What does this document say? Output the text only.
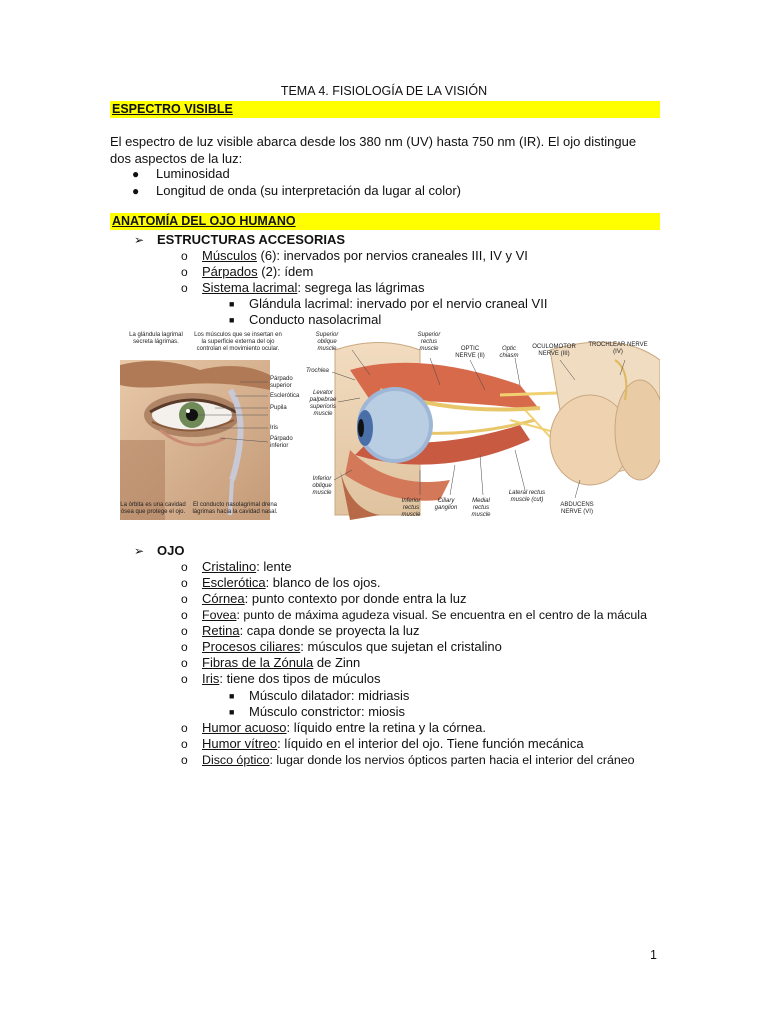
TEMA 4. FISIOLOGÍA DE LA VISIÓN
ESPECTRO VISIBLE
El espectro de luz visible abarca desde los 380 nm (UV) hasta 750 nm (IR). El ojo distingue dos aspectos de la luz:
● Luminosidad
● Longitud de onda (su interpretación da lugar al color)
ANATOMÍA DEL OJO HUMANO
➢ ESTRUCTURAS ACCESORIAS
o Músculos (6): inervados por nervios craneales III, IV y VI
o Párpados (2): ídem
o Sistema lacrimal: segrega las lágrimas
■ Glándula lacrimal: inervado por el nervio craneal VII
■ Conducto nasolacrimal
La glándula lagrimal secreta lágrimas.
Los músculos que se insertan en la superficie externa del ojo controlan el movimiento ocular.
Párpado superior
Esclerótica
Pupila
Iris
Párpado inferior
La órbita es una cavidad ósea que protege el ojo.
El conducto nasolagrimal drena lágrimas hacia la cavidad nasal.
Superior oblique muscle
Superior rectus muscle	OPTIC NERVE (II)
Optic chiasm
OCULOMOTOR NERVE (III)
TROCHLEAR NERVE (IV)
Trochlea
Levator palpebrae superioris muscle
Inferior oblique muscle
Inferior rectus muscle
Ciliary ganglion
Medial rectus muscle
Lateral rectus muscle (cut)
ABDUCENS NERVE (VI)
➢ OJO
o Cristalino: lente
o Esclerótica: blanco de los ojos.
o Córnea: punto contexto por donde entra la luz
o Fovea: punto de máxima agudeza visual. Se encuentra en el centro de la mácula
o Retina: capa donde se proyecta la luz
o Procesos ciliares: músculos que sujetan el cristalino
o Fibras de la Zónula de Zinn
o Iris: tiene dos tipos de múculos
■ Músculo dilatador: midriasis
■ Músculo constrictor: miosis
o Humor acuoso: líquido entre la retina y la córnea.
o Humor vítreo: líquido en el interior del ojo. Tiene función mecánica
o Disco óptico: lugar donde los nervios ópticos parten hacia el interior del cráneo
1
